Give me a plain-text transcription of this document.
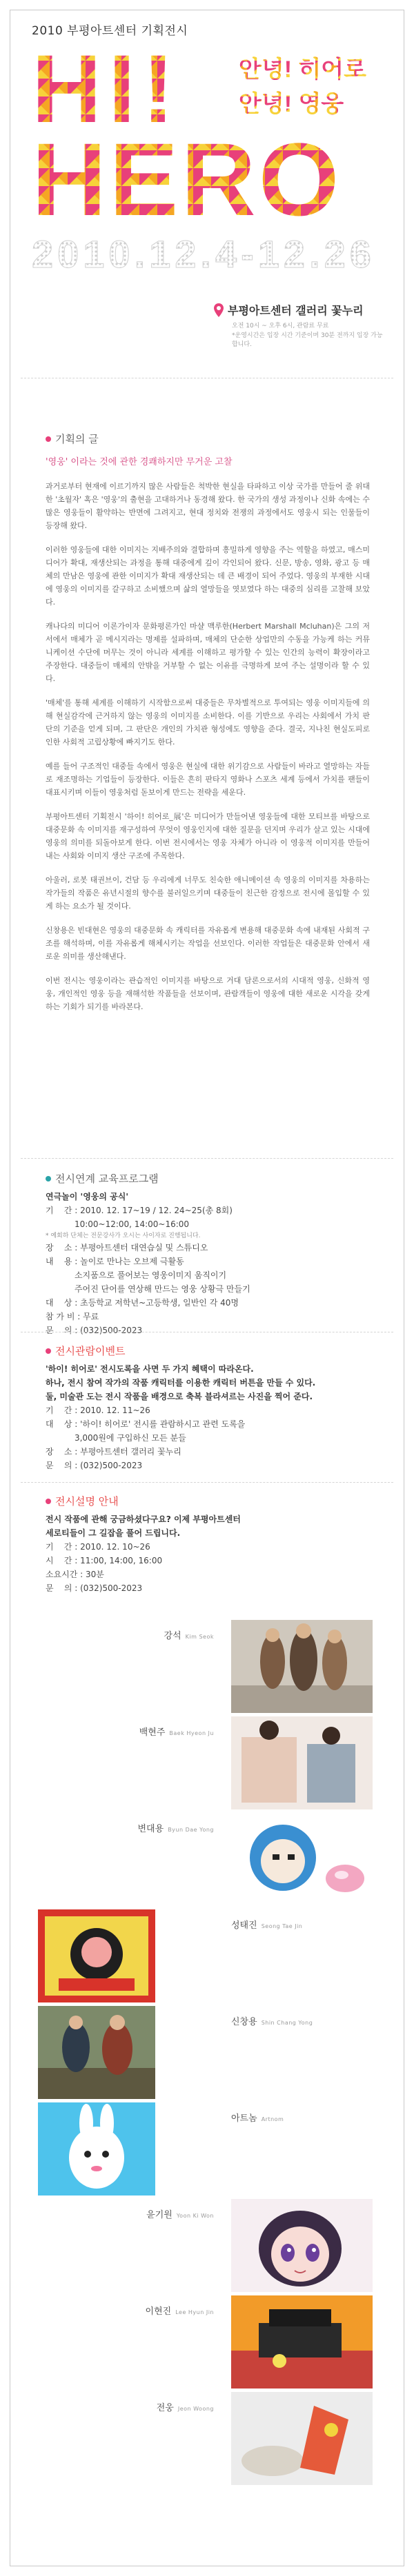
2010 부평아트센터 기획전시
HI! 안녕! 히어로
안녕! 영웅
HERO
2010.12.4-12.26
부평아트센터 갤러리 꽃누리
오전 10시 ~ 오후 6시, 관람료 무료
*운영시간은 입장 시간 기준이며 30분 전까지 입장 가능합니다.
기획의 글
'영웅' 이라는 것에 관한 경쾌하지만 무거운 고찰

과거로부터 현재에 이르기까지 많은 사람들은 척박한 현실을 타파하고 이상 국가를 만들어 줄 위대한 '초월자' 혹은 '영웅'의 출현을 고대하거나 동경해 왔다. 한 국가의 생성 과정이나 신화 속에는 수많은 영웅들이 활약하는 반면에 그려지고, 현대 정치와 전쟁의 과정에서도 영웅시 되는 인물들이 등장해 왔다.

이러한 영웅들에 대한 이미지는 지배주의와 결합하며 흥밀하게 영향을 주는 역할을 하였고, 매스미디어가 확대, 재생산되는 과정을 통해 대중에게 깊이 각인되어 왔다. 신문, 방송, 영화, 광고 등 매체의 만남은 영웅에 관한 이미지가 확대 재생산되는 데 큰 배경이 되어 주었다. 영웅의 부재한 시대에 영웅의 이미지를 갈구하고 소비했으며 삶의 열망들을 엿보였다 하는 대중의 심리를 고찰해 보았다.

캐나다의 미디어 이론가이자 문화평론가인 마샬 맥루한(Herbert Marshall Mcluhan)은 그의 저서에서 매체가 곧 메시지라는 명제를 설파하며, 매체의 단순한 상업만의 수동을 가능케 하는 커뮤니케이션 수단에 머무는 것이 아니라 세계를 이해하고 평가할 수 있는 인간의 능력이 확장이라고 주장한다. 대중들이 매체의 안밖을 거부할 수 없는 이유를 극명하게 보여 주는 설명이라 할 수 있다.

'매체'를 통해 세계를 이해하기 시작함으로써 대중들은 무차별적으로 투여되는 영웅 이미지들에 의해 현실감각에 근거하지 않는 영웅의 이미지를 소비한다. 이를 기반으로 우리는 사회에서 가치 판단의 기준을 얻게 되며, 그 판단은 개인의 가치관 형성에도 영향을 준다. 결국, 지나친 현실도피로 인한 사회적 고립상황에 빠지기도 한다.

예를 들어 구조적인 대중들 속에서 영웅은 현실에 대한 위기감으로 사람들이 바라고 열망하는 자들로 재조명하는 기업들이 등장한다. 이들은 흔히 판타지 영화나 스포츠 세계 등에서 가치를 팬들이 대표시키며 이들이 영웅처럼 돋보이게 만드는 전략을 세운다.

부평아트센터 기획전시 '하이! 히어로_展'은 미디어가 만들어낸 영웅들에 대한 모티브를 바탕으로 대중문화 속 이미지를 재구성하여 무엇이 영웅인지에 대한 질문을 던지며 우리가 살고 있는 시대에 영웅의 의미를 되돌아보게 한다. 이번 전시에서는 영웅 자체가 아니라 이 영웅적 이미지를 만들어내는 사회와 이미지 생산 구조에 주목한다.

아울러, 로봇 태권브이, 건담 등 우리에게 너무도 친숙한 애니메이션 속 영웅의 이미지를 차용하는 작가들의 작품은 유년시절의 향수를 불러일으키며 대중들이 친근한 감정으로 전시에 몰입할 수 있게 하는 요소가 될 것이다.

신창용은 빈대현은 영웅의 대중문화 속 캐릭터를 자유롭게 변용해 대중문화 속에 내재된 사회적 구조를 해석하며, 이를 자유롭게 해체시키는 작업을 선보인다. 이러한 작업들은 대중문화 안에서 새로운 의미를 생산해낸다.

이번 전시는 영웅이라는 관습적인 이미지를 바탕으로 거대 담론으로서의 시대적 영웅, 신화적 영웅, 개인적인 영웅 등을 재해석한 작품들을 선보이며, 관람객들이 영웅에 대한 새로운 시각을 갖게 하는 기회가 되기를 바라본다.

전시연계 교육프로그램
연극놀이 '영웅의 공식'
기    간 : 2010. 12. 17~19 / 12. 24~25(총 8회)
10:00~12:00, 14:00~16:00
* 예회하 단체는 전문강사가 오시는 사이자로 진행됩니다.
장    소 : 부평아트센터 대연습실 및 스튜디오
내    용 : 놀이로 만나는 오브제 극활동
소지품으로 풀어보는 영웅이미지 움직이기
주어진 단어를 연상해 만드는 영웅 상황극 만들기
대    상 : 초등학교 저학년~고등학생, 일반인 각 40명
참 가 비 : 무료
문    의 : (032)500-2023
전시관람이벤트
'하이! 히어로' 전시도록을 사면 두 가지 혜택이 따라온다.
하나, 전시 참여 작가의 작품 캐릭터를 이용한 캐릭터 버튼을 만들 수 있다.
둘, 미술관 도는 전시 작품을 배경으로 축복 블라셔르는 사진을 찍어 준다.
기    간 : 2010. 12. 11~26
대    상 : '하이! 히어로' 전시를 관람하시고 관련 도록을
3,000원에 구입하신 모든 분들
장    소 : 부평아트센터 갤러리 꽃누리
문    의 : (032)500-2023
전시설명 안내
전시 작품에 관해 궁금하셨다구요? 이제 부평아트센터
세로티들이 그 길잡을 풀어 드립니다.
기    간 : 2010. 12. 10~26
시    간 : 11:00, 14:00, 16:00
소요시간 : 30분
문    의 : (032)500-2023
강석 Kim Seok
백현주 Baek Hyeon Ju
변대용 Byun Dae Yong
성태진 Seong Tae Jin
신창용 Shin Chang Yong
아트놈 Artnom
윤기원 Yoon Ki Won
이현진 Lee Hyun Jin
전웅 Jeon Woong
